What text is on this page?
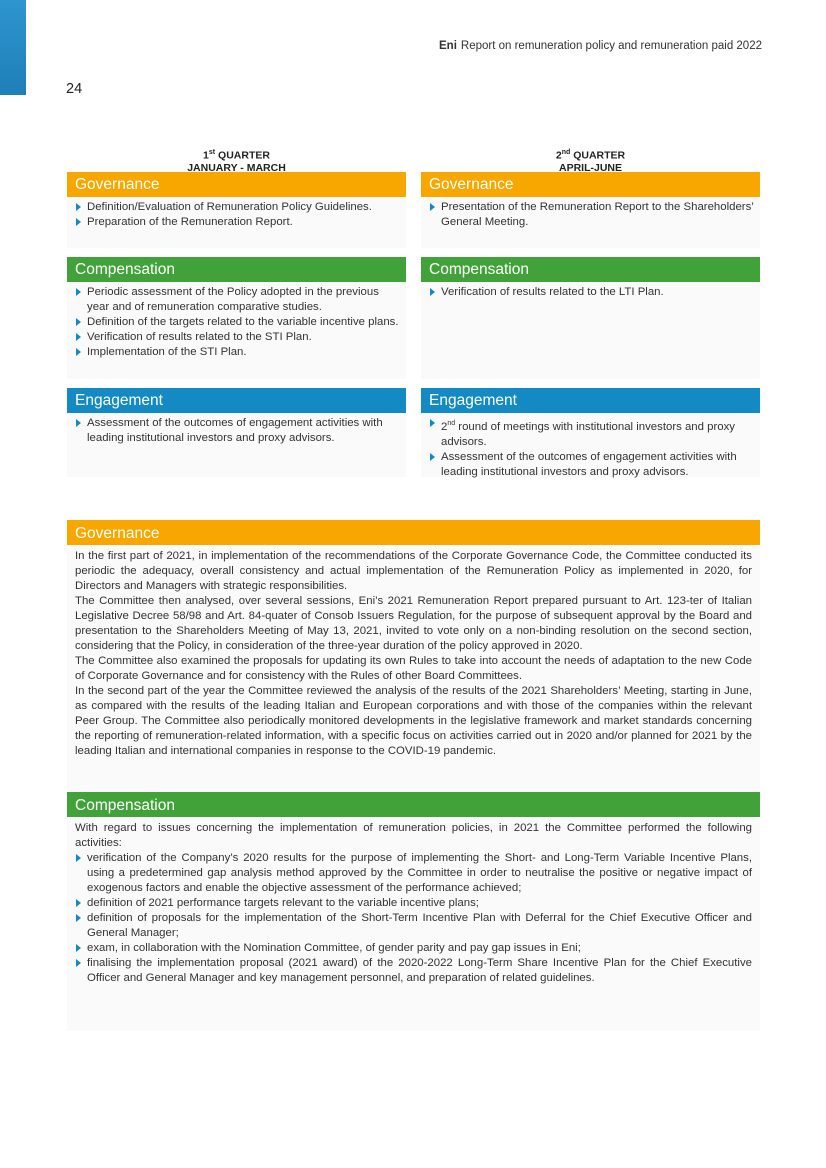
Eni Report on remuneration policy and remuneration paid 2022
24
1st QUARTER
JANUARY - MARCH
Governance
Definition/Evaluation of Remuneration Policy Guidelines.
Preparation of the Remuneration Report.
Compensation
Periodic assessment of the Policy adopted in the previous year and of remuneration comparative studies.
Definition of the targets related to the variable incentive plans.
Verification of results related to the STI Plan.
Implementation of the STI Plan.
Engagement
Assessment of the outcomes of engagement activities with leading institutional investors and proxy advisors.
2nd QUARTER
APRIL-JUNE
Governance
Presentation of the Remuneration Report to the Shareholders’ General Meeting.
Compensation
Verification of results related to the LTI Plan.
Engagement
2nd round of meetings with institutional investors and proxy advisors.
Assessment of the outcomes of engagement activities with leading institutional investors and proxy advisors.
Governance

In the first part of 2021, in implementation of the recommendations of the Corporate Governance Code, the Committee conducted its periodic the adequacy, overall consistency and actual implementation of the Remuneration Policy as implemented in 2020, for Directors and Managers with strategic responsibilities.

The Committee then analysed, over several sessions, Eni’s 2021 Remuneration Report prepared pursuant to Art. 123-ter of Italian Legislative Decree 58/98 and Art. 84-quater of Consob Issuers Regulation, for the purpose of subsequent approval by the Board and presentation to the Shareholders Meeting of May 13, 2021, invited to vote only on a non-binding resolution on the second section, considering that the Policy, in consideration of the three-year duration of the policy approved in 2020.

The Committee also examined the proposals for updating its own Rules to take into account the needs of adaptation to the new Code of Corporate Governance and for consistency with the Rules of other Board Committees.

In the second part of the year the Committee reviewed the analysis of the results of the 2021 Shareholders’ Meeting, starting in June, as compared with the results of the leading Italian and European corporations and with those of the companies within the relevant Peer Group. The Committee also periodically monitored developments in the legislative framework and market standards concerning the reporting of remuneration-related information, with a specific focus on activities carried out in 2020 and/or planned for 2021 by the leading Italian and international companies in response to the COVID-19 pandemic.

Compensation

With regard to issues concerning the implementation of remuneration policies, in 2021 the Committee performed the following activities:

verification of the Company’s 2020 results for the purpose of implementing the Short- and Long-Term Variable Incentive Plans, using a predetermined gap analysis method approved by the Committee in order to neutralise the positive or negative impact of exogenous factors and enable the objective assessment of the performance achieved;
definition of 2021 performance targets relevant to the variable incentive plans;
definition of proposals for the implementation of the Short-Term Incentive Plan with Deferral for the Chief Executive Officer and General Manager;
exam, in collaboration with the Nomination Committee, of gender parity and pay gap issues in Eni;
finalising the implementation proposal (2021 award) of the 2020-2022 Long-Term Share Incentive Plan for the Chief Executive Officer and General Manager and key management personnel, and preparation of related guidelines.
